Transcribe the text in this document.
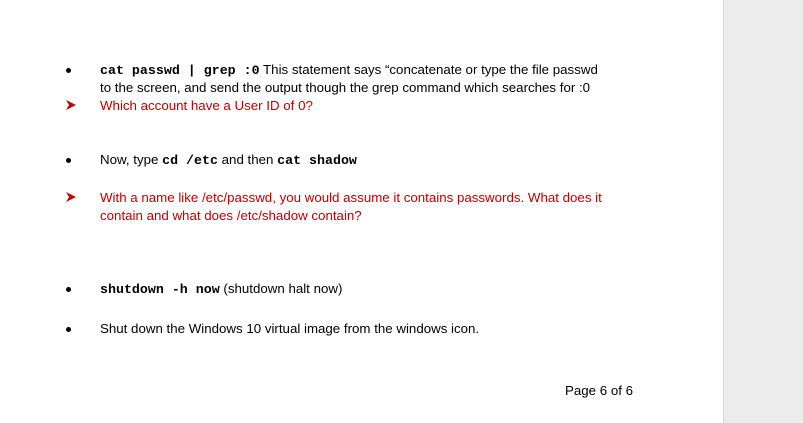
cat passwd | grep :0 This statement says “concatenate or type the file passwd
to the screen, and send the output though the grep command which searches for :0
Which account have a User ID of 0?
Now, type cd /etc and then cat shadow
With a name like /etc/passwd, you would assume it contains passwords. What does it
contain and what does /etc/shadow contain?
shutdown -h now (shutdown halt now)
Shut down the Windows 10 virtual image from the windows icon.
Page 6 of 6
